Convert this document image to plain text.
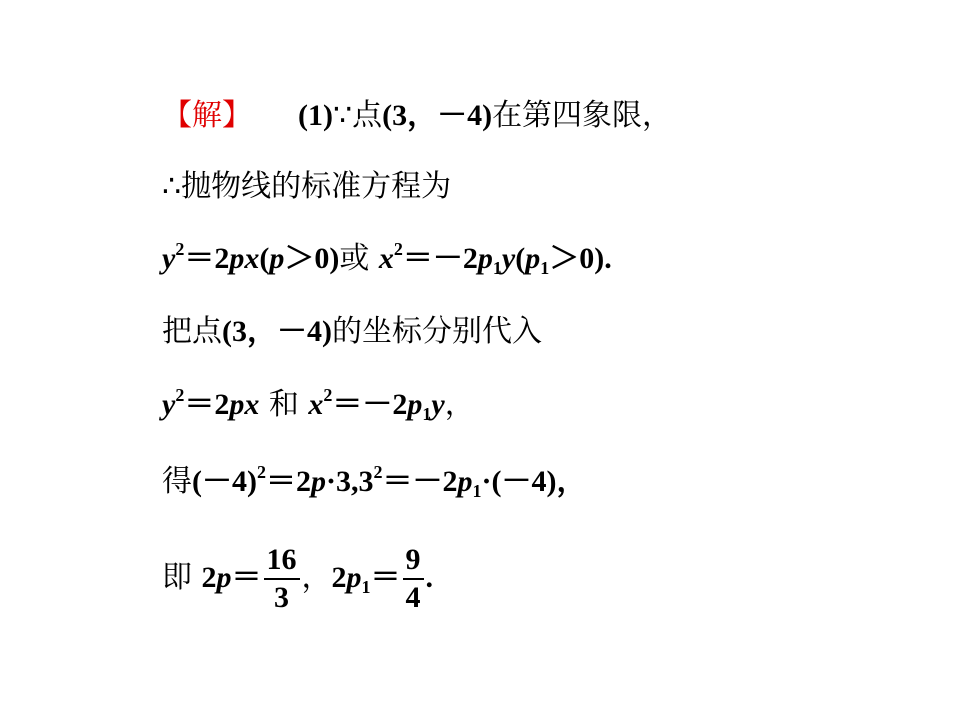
【解】 (1)∵点(3，－4)在第四象限，
∴抛物线的标准方程为
$y^2=2px(p>0)$或 $x^2=-2p_1y(p_1>0)$.
把点(3，－4)的坐标分别代入
$y^2=2px$ 和 $x^2=-2p_1y$，
得$(-4)^2=2p\cdot 3,3^2=-2p_1\cdot(-4)$，
即 $2p= \frac{16}{3}$ ，$2p_1= \frac{9}{4}$ .
